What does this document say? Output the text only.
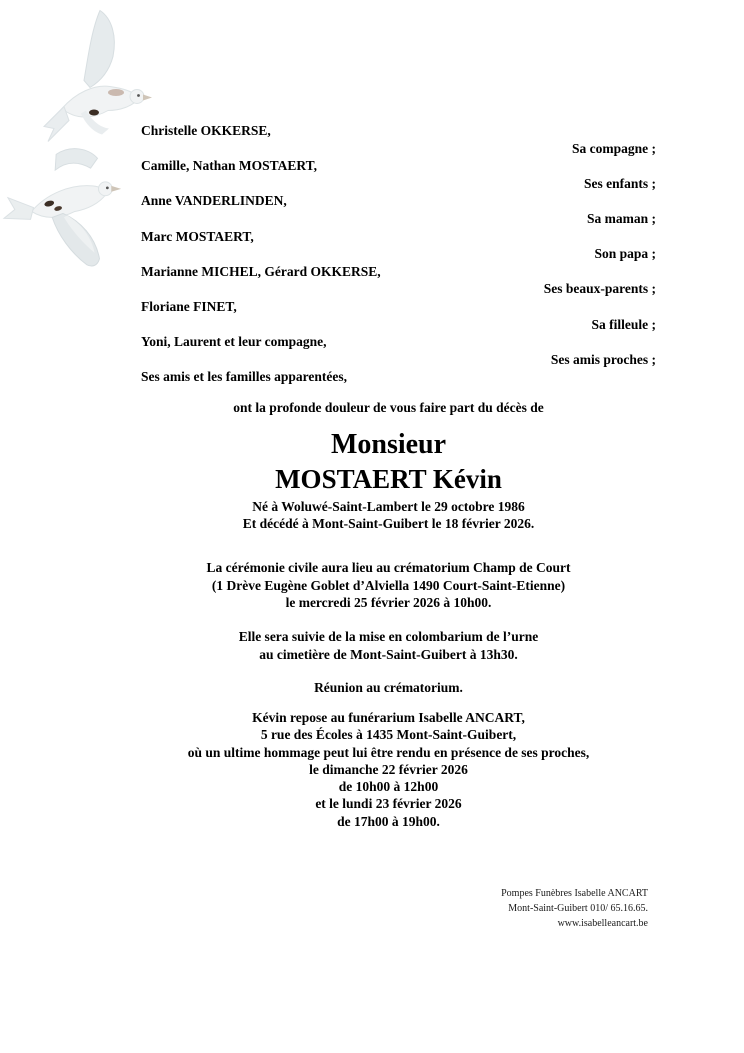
Christelle OKKERSE,
Sa compagne ;
Camille, Nathan MOSTAERT,
Ses enfants ;
Anne VANDERLINDEN,
Sa maman ;
Marc MOSTAERT,
Son papa ;
Marianne MICHEL, Gérard OKKERSE,
Ses beaux-parents ;
Floriane FINET,
Sa filleule ;
Yoni, Laurent et leur compagne,
Ses amis proches ;
Ses amis et les familles apparentées,
ont la profonde douleur de vous faire part du décès de
Monsieur
MOSTAERT Kévin
Né à Woluwé-Saint-Lambert le 29 octobre 1986
Et décédé à Mont-Saint-Guibert le 18 février 2026.
La cérémonie civile aura lieu au crématorium Champ de Court
(1 Drève Eugène Goblet d’Alviella 1490 Court-Saint-Etienne)
le mercredi 25 février 2026 à 10h00.
Elle sera suivie de la mise en colombarium de l’urne
au cimetière de Mont-Saint-Guibert à 13h30.
Réunion au crématorium.
Kévin repose au funérarium Isabelle ANCART,
5 rue des Écoles à 1435 Mont-Saint-Guibert,
où un ultime hommage peut lui être rendu en présence de ses proches,
le dimanche 22 février 2026
de 10h00 à 12h00
et le lundi 23 février 2026
de 17h00 à 19h00.
Pompes Funèbres Isabelle ANCART
Mont-Saint-Guibert 010/ 65.16.65.
www.isabelleancart.be
